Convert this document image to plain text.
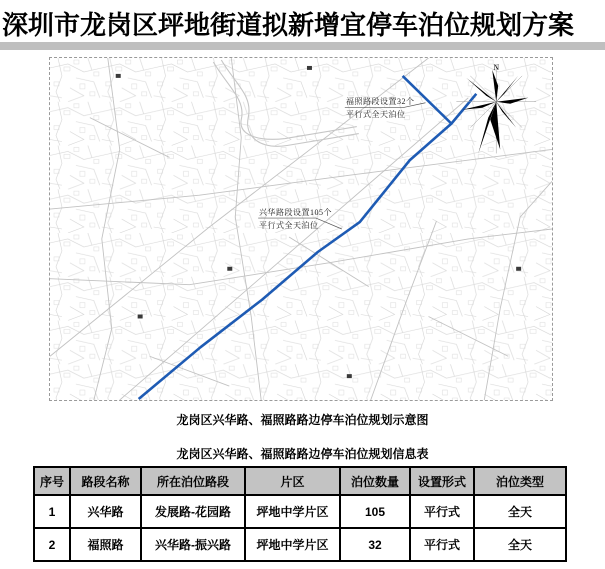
深圳市龙岗区坪地街道拟新增宜停车泊位规划方案
N
福照路段设置32个
平行式全天泊位
兴华路段设置105个
平行式全天泊位
龙岗区兴华路、福照路路边停车泊位规划示意图
龙岗区兴华路、福照路路边停车泊位规划信息表
序号	路段名称	所在泊位路段	片区	泊位数量	设置形式	泊位类型
1	兴华路	发展路-花园路	坪地中学片区	105	平行式	全天
2	福照路	兴华路-振兴路	坪地中学片区	32	平行式	全天
